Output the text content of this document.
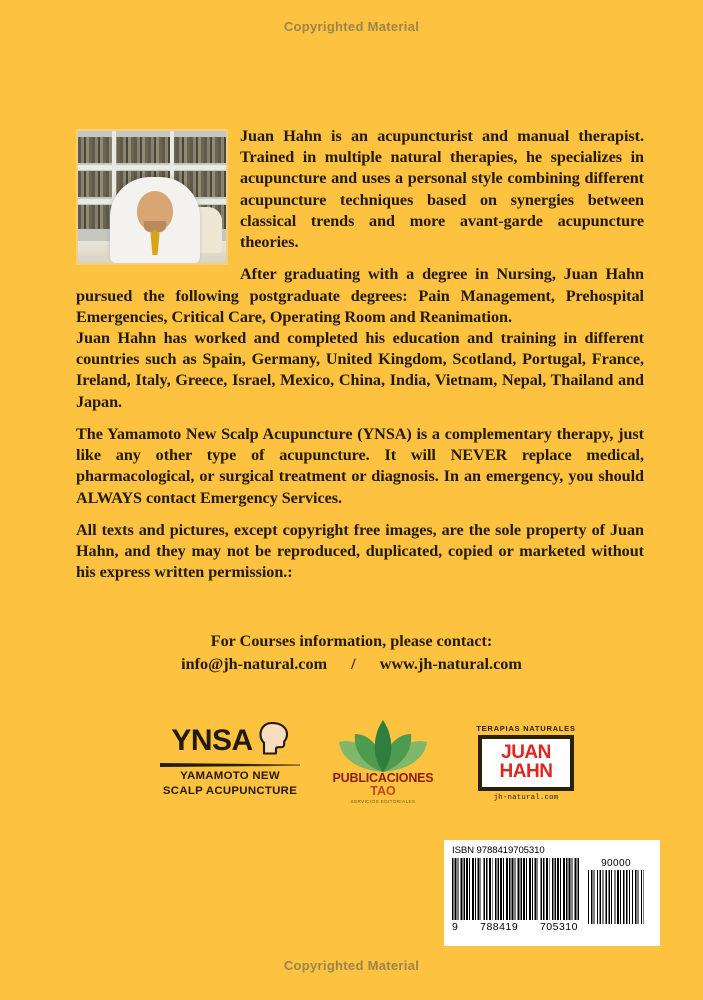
Copyrighted Material

Juan Hahn is an acupuncturist and manual therapist. Trained in multiple natural therapies, he specializes in acupuncture and uses a personal style combining different acupuncture techniques based on synergies between classical trends and more avant-garde acupuncture theories.

After graduating with a degree in Nursing, Juan Hahn pursued the following postgraduate degrees: Pain Management, Prehospital Emergencies, Critical Care, Operating Room and Reanimation.

Juan Hahn has worked and completed his education and training in different countries such as Spain, Germany, United Kingdom, Scotland, Portugal, France, Ireland, Italy, Greece, Israel, Mexico, China, India, Vietnam, Nepal, Thailand and Japan.

The Yamamoto New Scalp Acupuncture (YNSA) is a complementary therapy, just like any other type of acupuncture. It will NEVER replace medical, pharmacological, or surgical treatment or diagnosis. In an emergency, you should ALWAYS contact Emergency Services.

All texts and pictures, except copyright free images, are the sole property of Juan Hahn, and they may not be reproduced, duplicated, copied or marketed without his express written permission.:

For Courses information, please contact:
info@jh-natural.com / www.jh-natural.com
YNSA
YAMAMOTO NEW
SCALP ACUPUNCTURE
PUBLICACIONES
TAO
SERVICIOS EDITORIALES
TERAPIAS NATURALES
JUAN
HAHN
jh-natural.com
ISBN 9788419705310
9 788419 705310
90000
Copyrighted Material
